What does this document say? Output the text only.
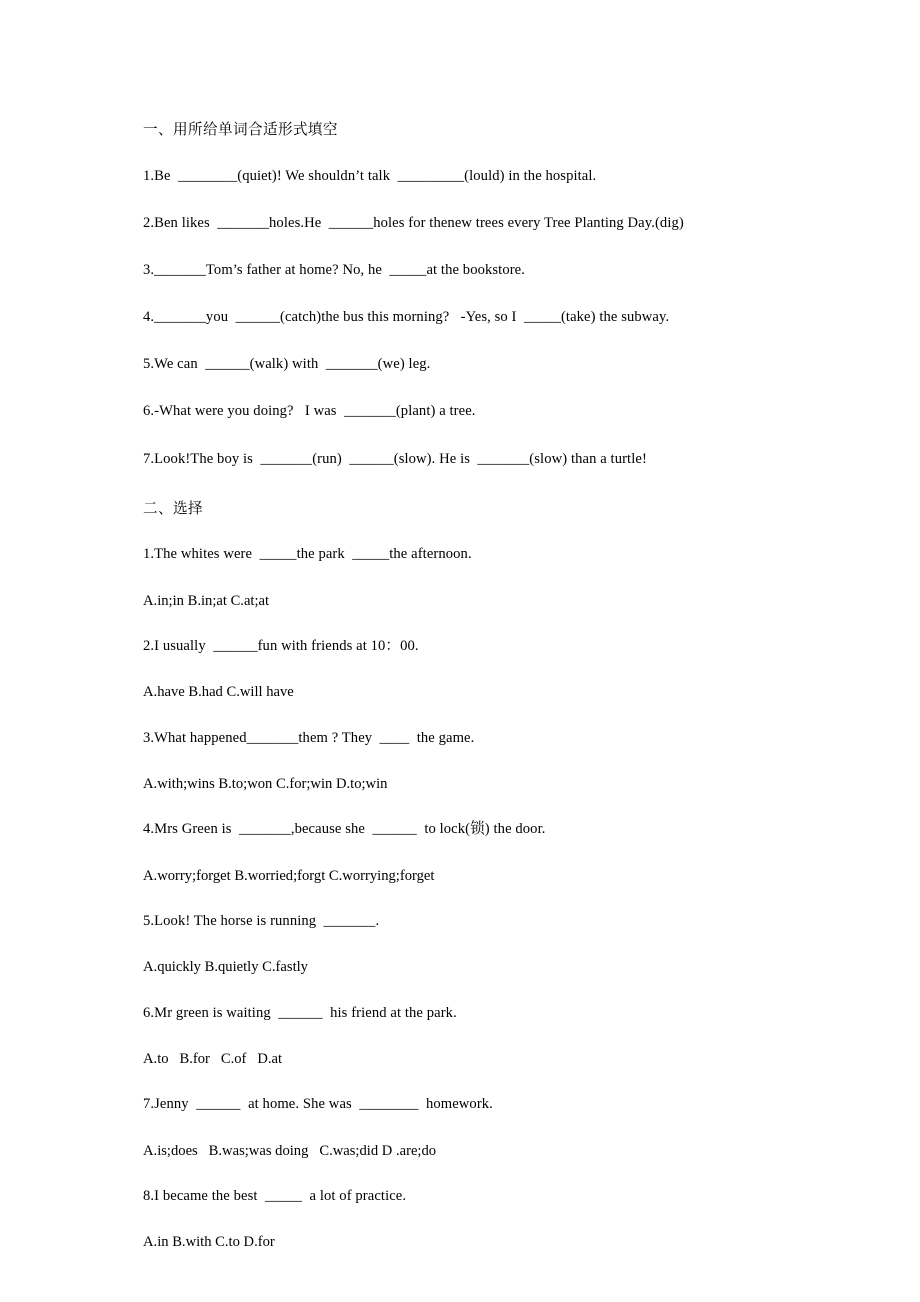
一、用所给单词合适形式填空
1.Be  ________(quiet)! We shouldn’t talk  _________(lould) in the hospital.
2.Ben likes  _______holes.He  ______holes for thenew trees every Tree Planting Day.(dig)
3._______Tom’s father at home? No, he  _____at the bookstore.
4._______you  ______(catch)the bus this morning?   -Yes, so I  _____(take) the subway.
5.We can  ______(walk) with  _______(we) leg.
6.-What were you doing?   I was  _______(plant) a tree.
7.Look!The boy is  _______(run)  ______(slow). He is  _______(slow) than a turtle!
二、选择
1.The whites were  _____the park  _____the afternoon.
A.in;in B.in;at C.at;at
2.I usually  ______fun with friends at 10：00.
A.have B.had C.will have
3.What happened_______them ? They  ____  the game.
A.with;wins B.to;won C.for;win D.to;win
4.Mrs Green is  _______,because she  ______  to lock(锁) the door.
A.worry;forget B.worried;forgt C.worrying;forget
5.Look! The horse is running  _______.
A.quickly B.quietly C.fastly
6.Mr green is waiting  ______  his friend at the park.
A.to   B.for   C.of   D.at
7.Jenny  ______  at home. She was  ________  homework.
A.is;does   B.was;was doing   C.was;did D .are;do
8.I became the best  _____  a lot of practice.
A.in B.with C.to D.for
